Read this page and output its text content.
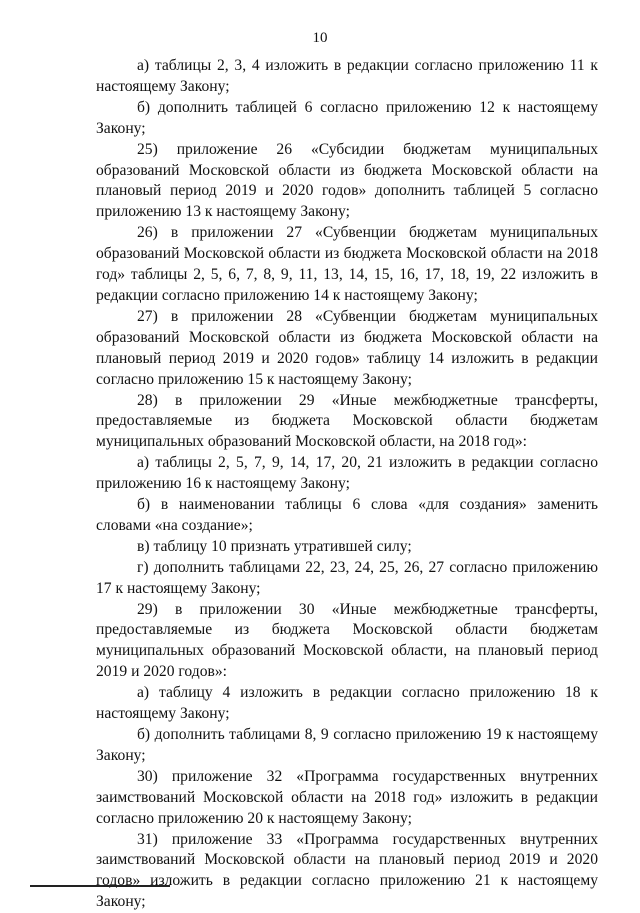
10

а) таблицы 2, 3, 4 изложить в редакции согласно приложению 11 к настоящему Закону;

б) дополнить таблицей 6 согласно приложению 12 к настоящему Закону;

25) приложение 26 «Субсидии бюджетам муниципальных образований Московской области из бюджета Московской области на плановый период 2019 и 2020 годов» дополнить таблицей 5 согласно приложению 13 к настоящему Закону;

26) в приложении 27 «Субвенции бюджетам муниципальных образований Московской области из бюджета Московской области на 2018 год» таблицы 2, 5, 6, 7, 8, 9, 11, 13, 14, 15, 16, 17, 18, 19, 22 изложить в редакции согласно приложению 14 к настоящему Закону;

27) в приложении 28 «Субвенции бюджетам муниципальных образований Московской области из бюджета Московской области на плановый период 2019 и 2020 годов» таблицу 14 изложить в редакции согласно приложению 15 к настоящему Закону;

28) в приложении 29 «Иные межбюджетные трансферты, предоставляемые из бюджета Московской области бюджетам муниципальных образований Московской области, на 2018 год»:

а) таблицы 2, 5, 7, 9, 14, 17, 20, 21 изложить в редакции согласно приложению 16 к настоящему Закону;

б) в наименовании таблицы 6 слова «для создания» заменить словами «на создание»;

в) таблицу 10 признать утратившей силу;

г) дополнить таблицами 22, 23, 24, 25, 26, 27 согласно приложению 17 к настоящему Закону;

29) в приложении 30 «Иные межбюджетные трансферты, предоставляемые из бюджета Московской области бюджетам муниципальных образований Московской области, на плановый период 2019 и 2020 годов»:

а) таблицу 4 изложить в редакции согласно приложению 18 к настоящему Закону;

б) дополнить таблицами 8, 9 согласно приложению 19 к настоящему Закону;

30) приложение 32 «Программа государственных внутренних заимствований Московской области на 2018 год» изложить в редакции согласно приложению 20 к настоящему Закону;

31) приложение 33 «Программа государственных внутренних заимствований Московской области на плановый период 2019 и 2020 годов» изложить в редакции согласно приложению 21 к настоящему Закону;
